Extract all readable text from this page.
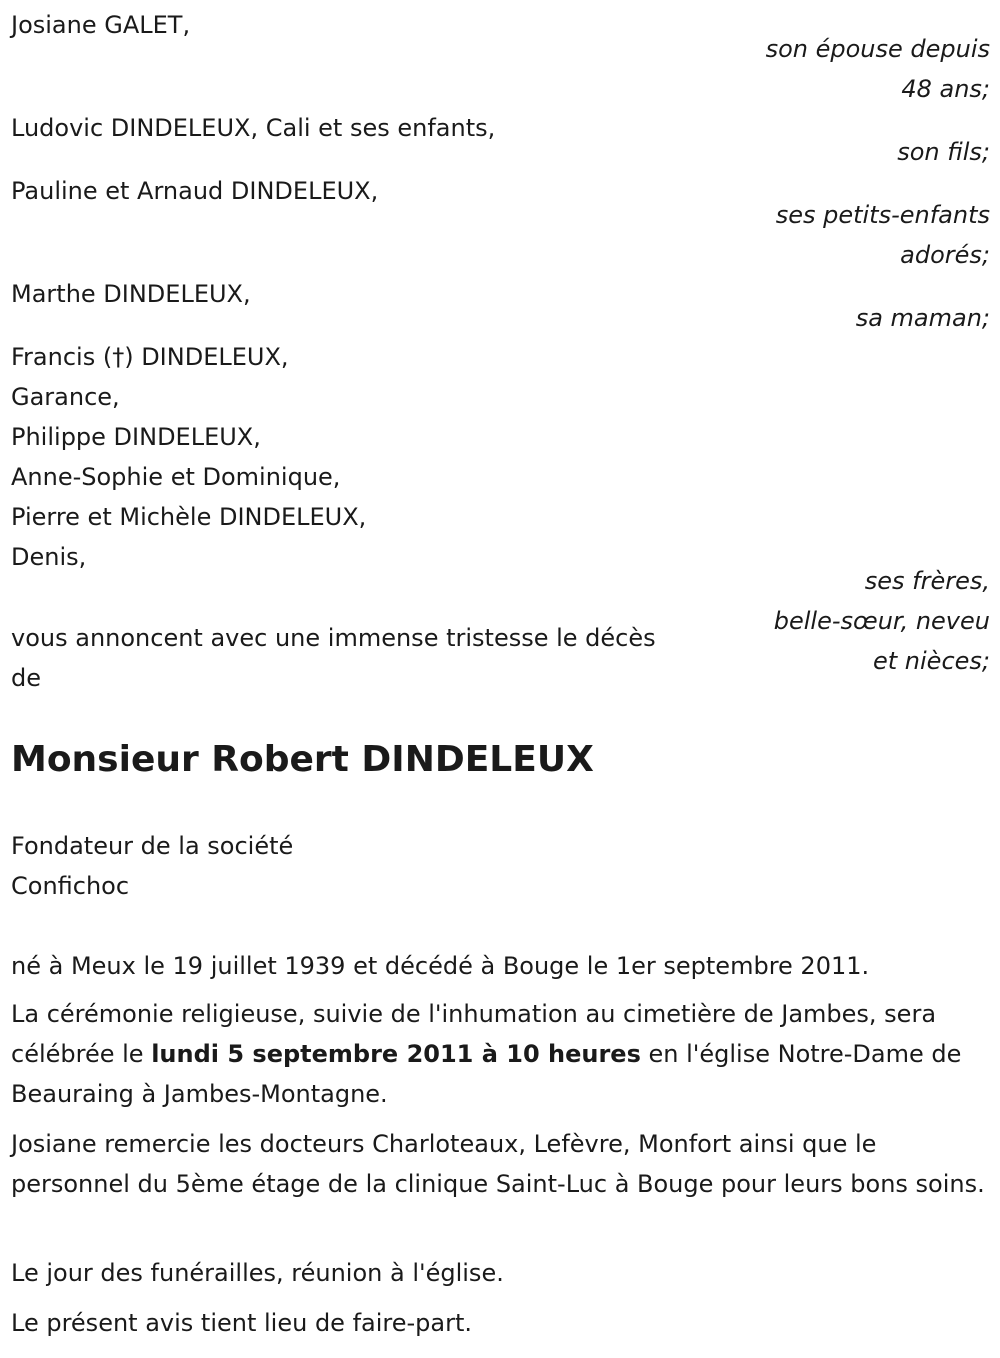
Josiane GALET,
son épouse depuis
48 ans;
Ludovic DINDELEUX, Cali et ses enfants,
son fils;
Pauline et Arnaud DINDELEUX,
ses petits-enfants
adorés;
Marthe DINDELEUX,
sa maman;
Francis (†) DINDELEUX,
Garance,
Philippe DINDELEUX,
Anne-Sophie et Dominique,
Pierre et Michèle DINDELEUX,
Denis,
ses frères,
belle-sœur, neveu
et nièces;
vous annoncent avec une immense tristesse le décès
de
Monsieur Robert DINDELEUX
Fondateur de la société
Confichoc
né à Meux le 19 juillet 1939 et décédé à Bouge le 1er septembre 2011.
La cérémonie religieuse, suivie de l'inhumation au cimetière de Jambes, sera célébrée le lundi 5 septembre 2011 à 10 heures en l'église Notre-Dame de Beauraing à Jambes-Montagne.
Josiane remercie les docteurs Charloteaux, Lefèvre, Monfort ainsi que le personnel du 5ème étage de la clinique Saint-Luc à Bouge pour leurs bons soins.
Le jour des funérailles, réunion à l'église.
Le présent avis tient lieu de faire-part.
